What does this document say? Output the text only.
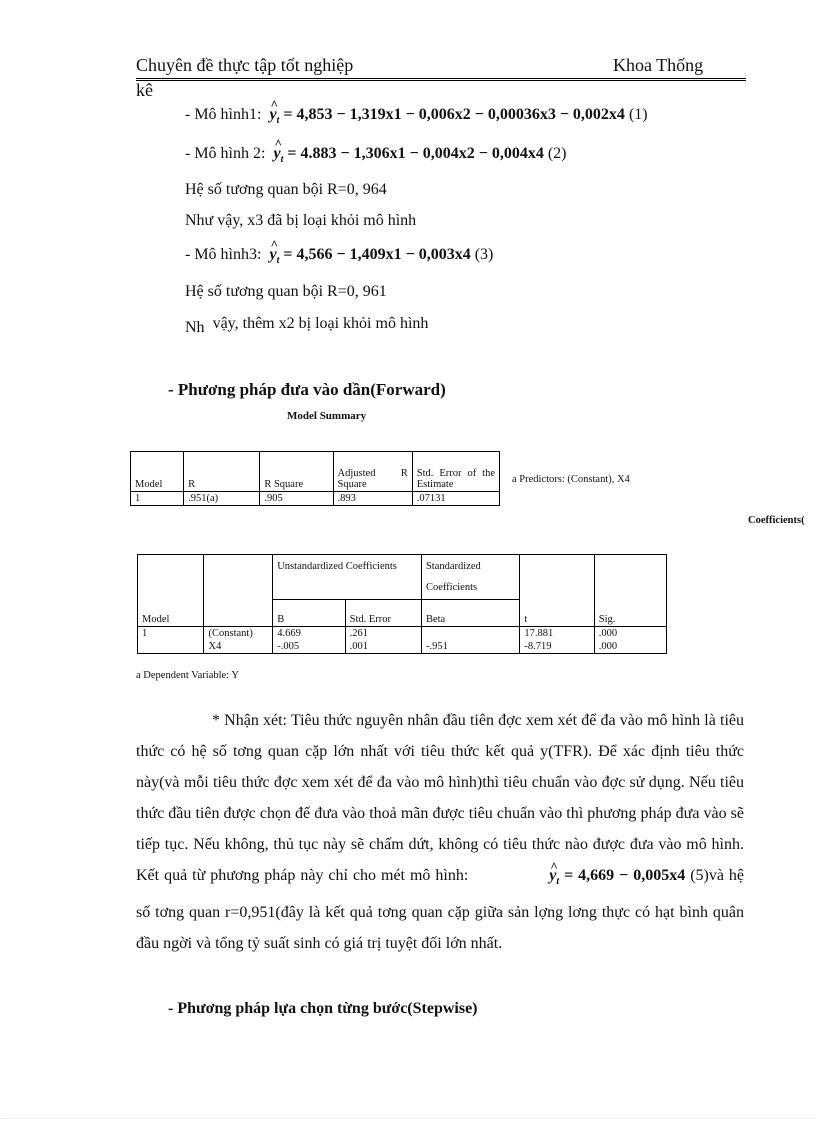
Chuyên đề thực tập tốt nghiệp	Khoa Thống
kê
- Mô hình1: ^ $y_t = 4,853 - 1,319x1 - 0,006x2 - 0,00036x3 - 0,002x4$ (1)
- Mô hình 2: ^ $y_t = 4.883 - 1,306x1 - 0,004x2 - 0,004x4$ (2)
Hệ số tương quan bội R=0, 964
Như vậy, x3 đã bị loại khỏi mô hình
- Mô hình3: ^ $y_t = 4,566 - 1,409x1 - 0,003x4$ (3)
Hệ số tương quan bội R=0, 961
Nh vậy, thêm x2 bị loại khỏi mô hình
- Phương pháp đưa vào dần(Forward)
Model Summary
Model	R	R Square	Adjusted R Square	Std. Error of the Estimate
1	.951(a)	.905	.893	.07131
a Predictors: (Constant), X4
Coefficients(
Model		Unstandardized Coefficients		Standardized Coefficients	t	Sig.
		B	Std. Error	Beta		
1	(Constant)	4.669	.261		17.881	.000
	X4	-.005	.001	-.951	-8.719	.000
a Dependent Variable: Y

* Nhận xét: Tiêu thức nguyên nhân đầu tiên đợc xem xét để đa vào mô hình là tiêu thức có hệ số tơng quan cặp lớn nhất với tiêu thức kết quả y(TFR). Để xác định tiêu thức này(và mỗi tiêu thức đợc xem xét để đa vào mô hình)thì tiêu chuẩn vào đợc sử dụng. Nếu tiêu thức đầu tiên được chọn để đưa vào thoả mãn được tiêu chuẩn vào thì phương pháp đưa vào sẽ tiếp tục. Nếu không, thủ tục này sẽ chấm dứt, không có tiêu thức nào được đưa vào mô hình. Kết quả từ phương pháp này chỉ cho mét mô hình:	^ $y_t = 4,669 - 0,005x4$ (5)và hệ số tơng quan r=0,951(đây là kết quả tơng quan cặp giữa sản lợng lơng thực có hạt bình quân đầu ngời và tổng tỷ suất sinh có giá trị tuyệt đối lớn nhất.

- Phương pháp lựa chọn từng bước(Stepwise)
